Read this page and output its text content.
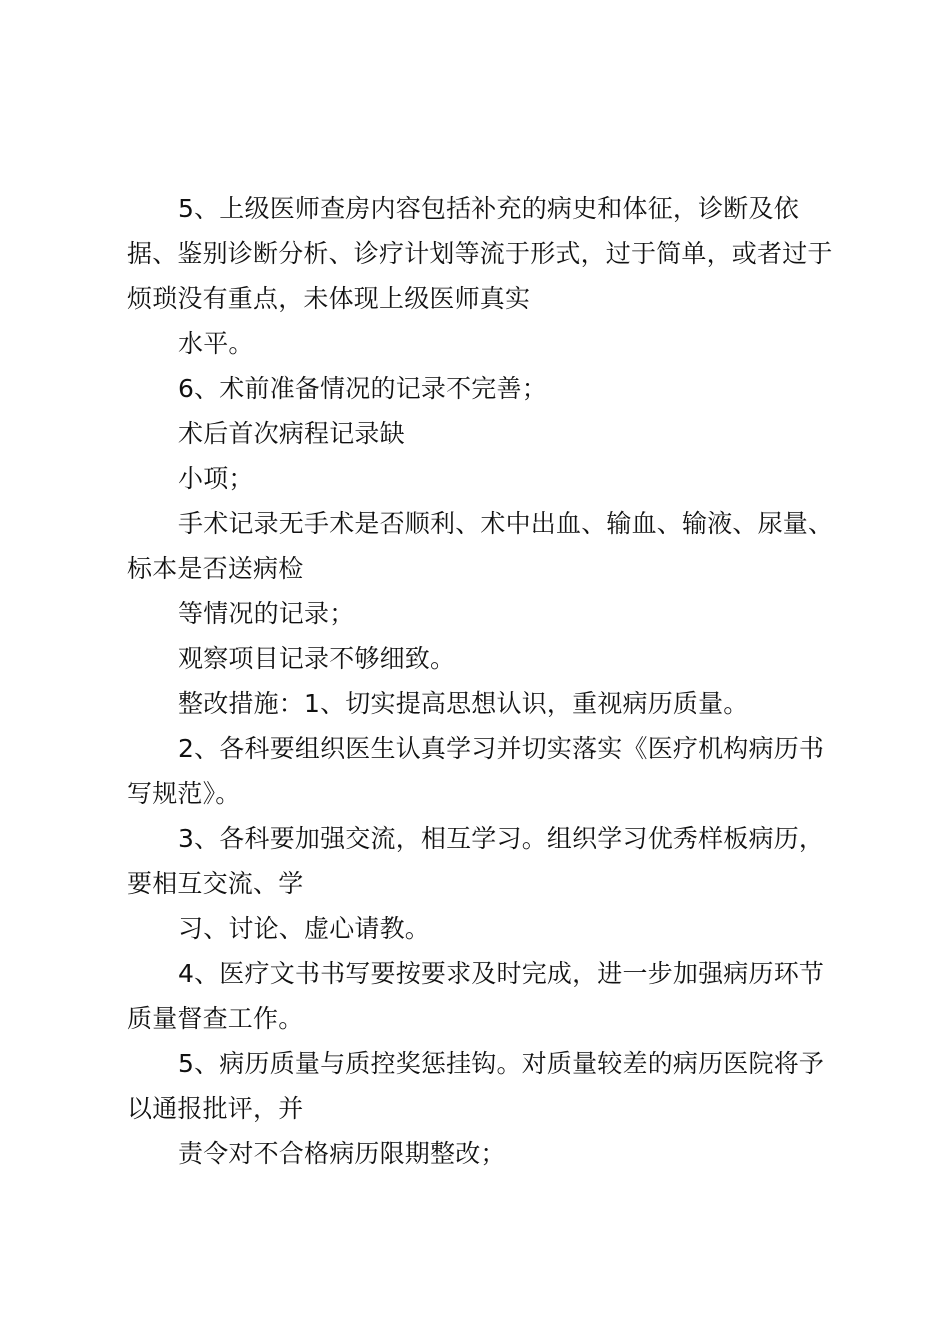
5、上级医师查房内容包括补充的病史和体征，诊断及依据、鉴别诊断分析、诊疗计划等流于形式，过于简单，或者过于烦琐没有重点，未体现上级医师真实

水平。

6、术前准备情况的记录不完善；

术后首次病程记录缺

小项；

手术记录无手术是否顺利、术中出血、输血、输液、尿量、标本是否送病检

等情况的记录；

观察项目记录不够细致。

整改措施：1、切实提高思想认识，重视病历质量。

2、各科要组织医生认真学习并切实落实《医疗机构病历书写规范》。

3、各科要加强交流，相互学习。组织学习优秀样板病历，要相互交流、学

习、讨论、虚心请教。

4、医疗文书书写要按要求及时完成，进一步加强病历环节质量督查工作。

5、病历质量与质控奖惩挂钩。对质量较差的病历医院将予以通报批评，并

责令对不合格病历限期整改；
